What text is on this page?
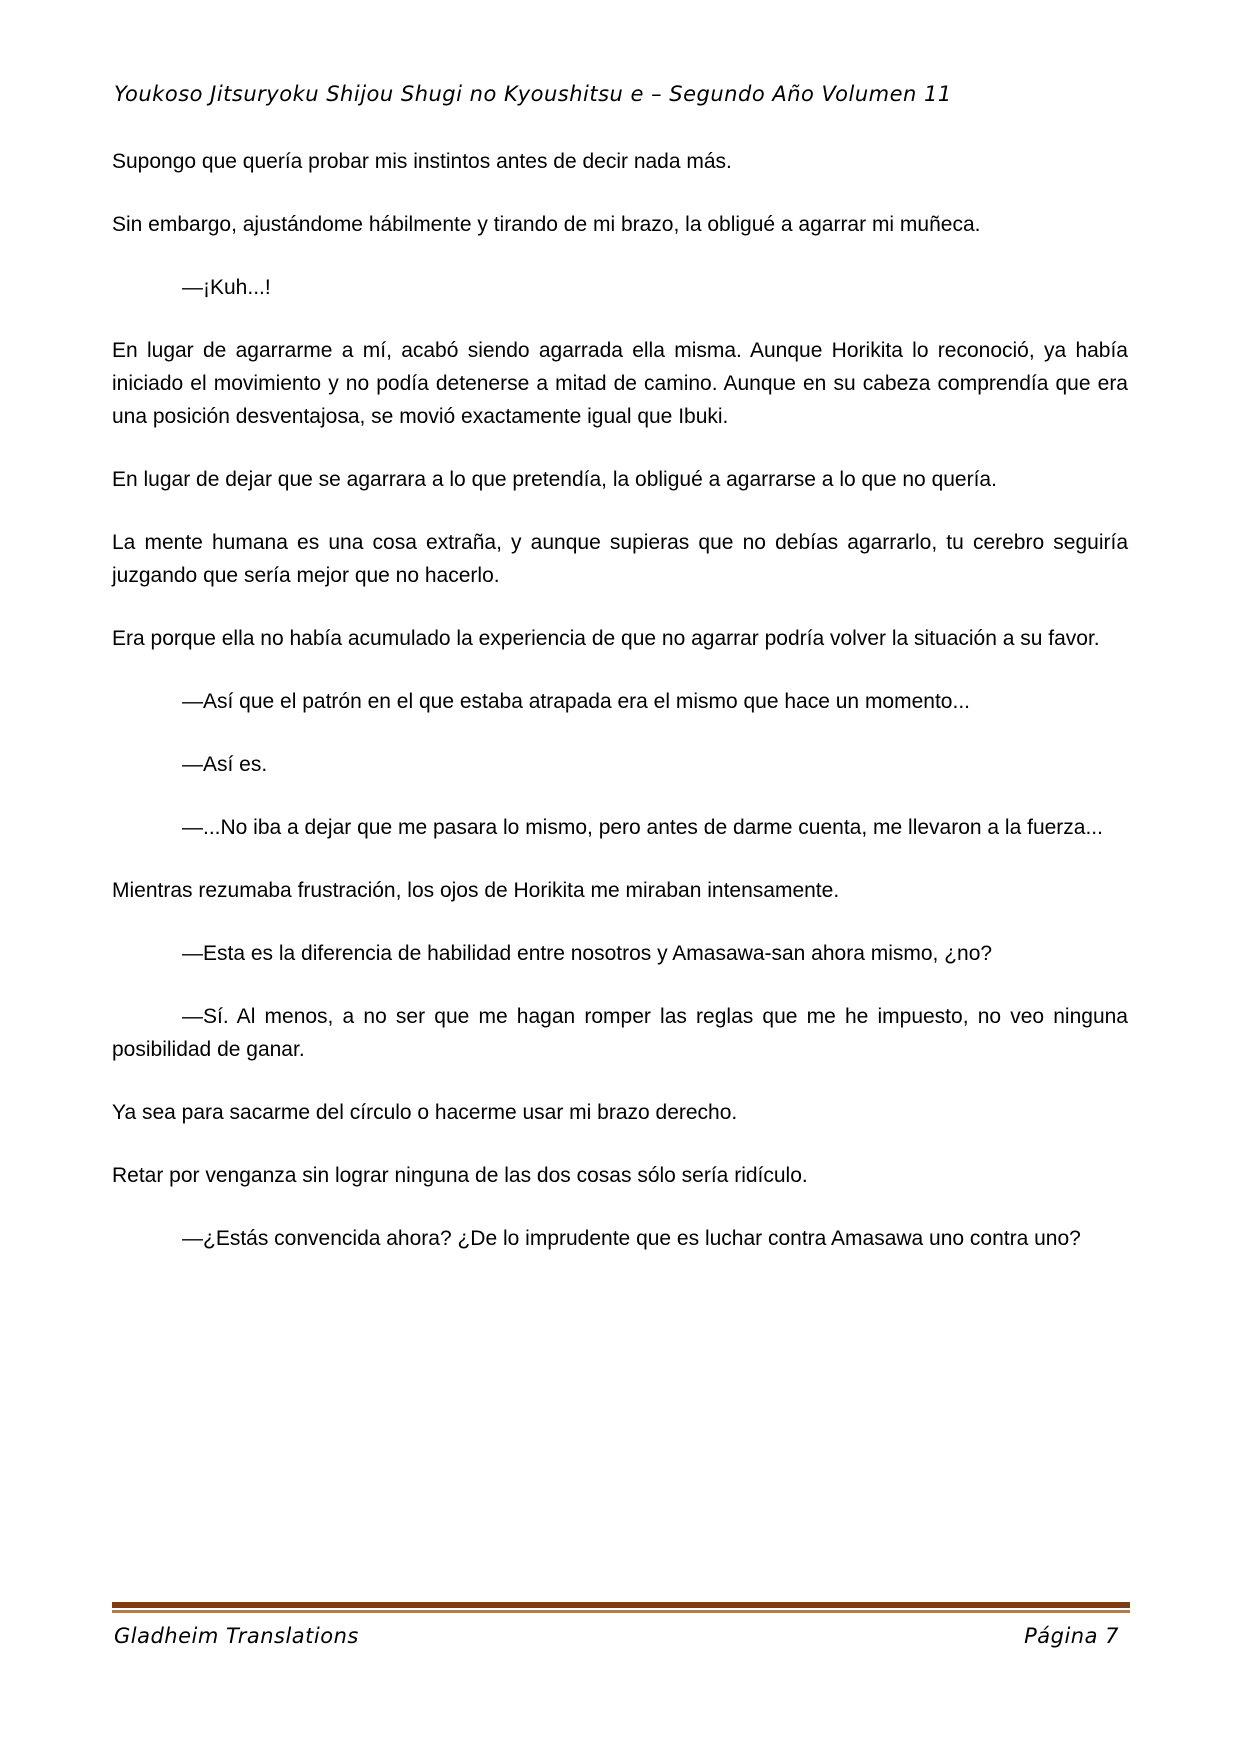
Youkoso Jitsuryoku Shijou Shugi no Kyoushitsu e – Segundo Año Volumen 11

Supongo que quería probar mis instintos antes de decir nada más.

Sin embargo, ajustándome hábilmente y tirando de mi brazo, la obligué a agarrar mi muñeca.

—¡Kuh...!

En lugar de agarrarme a mí, acabó siendo agarrada ella misma. Aunque Horikita lo reconoció, ya había iniciado el movimiento y no podía detenerse a mitad de camino. Aunque en su cabeza comprendía que era una posición desventajosa, se movió exactamente igual que Ibuki.

En lugar de dejar que se agarrara a lo que pretendía, la obligué a agarrarse a lo que no quería.

La mente humana es una cosa extraña, y aunque supieras que no debías agarrarlo, tu cerebro seguiría juzgando que sería mejor que no hacerlo.

Era porque ella no había acumulado la experiencia de que no agarrar podría volver la situación a su favor.

—Así que el patrón en el que estaba atrapada era el mismo que hace un momento...

—Así es.

—...No iba a dejar que me pasara lo mismo, pero antes de darme cuenta, me llevaron a la fuerza...

Mientras rezumaba frustración, los ojos de Horikita me miraban intensamente.

—Esta es la diferencia de habilidad entre nosotros y Amasawa-san ahora mismo, ¿no?

—Sí. Al menos, a no ser que me hagan romper las reglas que me he impuesto, no veo ninguna posibilidad de ganar.

Ya sea para sacarme del círculo o hacerme usar mi brazo derecho.

Retar por venganza sin lograr ninguna de las dos cosas sólo sería ridículo.

—¿Estás convencida ahora? ¿De lo imprudente que es luchar contra Amasawa uno contra uno?

Gladheim Translations	Página 7
